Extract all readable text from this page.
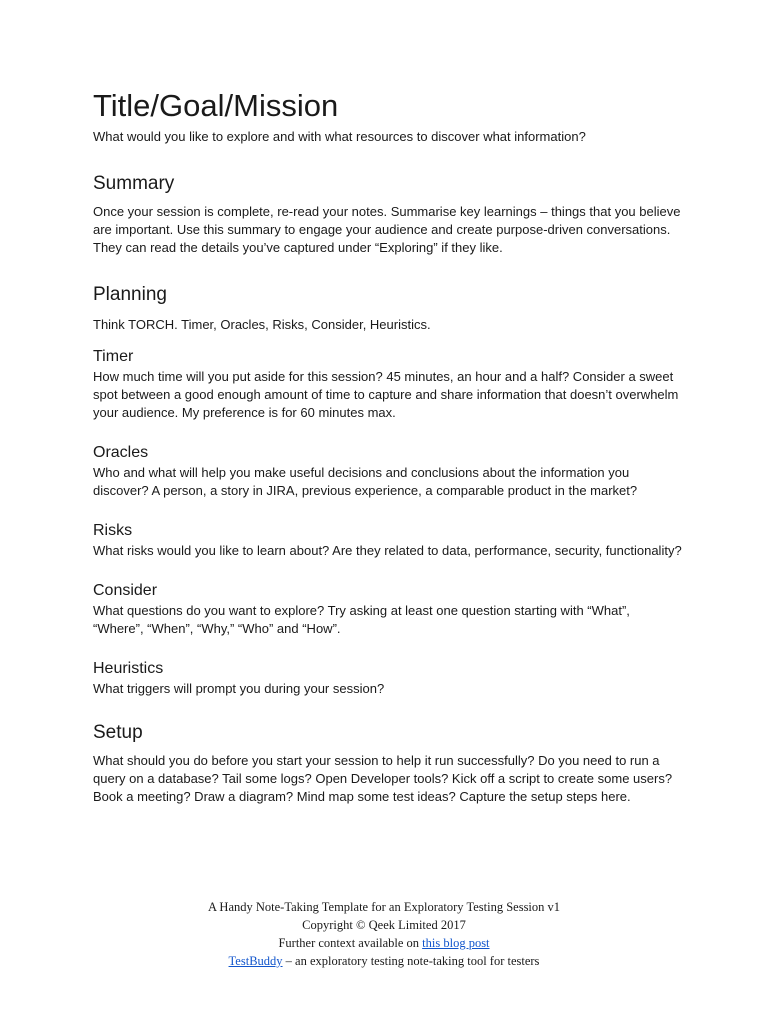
Title/Goal/Mission

What would you like to explore and with what resources to discover what information?

Summary

Once your session is complete, re-read your notes. Summarise key learnings – things that you believe are important. Use this summary to engage your audience and create purpose-driven conversations. They can read the details you’ve captured under “Exploring” if they like.

Planning

Think TORCH. Timer, Oracles, Risks, Consider, Heuristics.

Timer

How much time will you put aside for this session? 45 minutes, an hour and a half? Consider a sweet spot between a good enough amount of time to capture and share information that doesn’t overwhelm your audience. My preference is for 60 minutes max.

Oracles

Who and what will help you make useful decisions and conclusions about the information you discover? A person, a story in JIRA, previous experience, a comparable product in the market?

Risks

What risks would you like to learn about? Are they related to data, performance, security, functionality?

Consider

What questions do you want to explore? Try asking at least one question starting with “What”, “Where”, “When”, “Why,” “Who” and “How”.

Heuristics

What triggers will prompt you during your session?

Setup

What should you do before you start your session to help it run successfully? Do you need to run a query on a database? Tail some logs? Open Developer tools? Kick off a script to create some users? Book a meeting? Draw a diagram? Mind map some test ideas? Capture the setup steps here.

A Handy Note-Taking Template for an Exploratory Testing Session v1
Copyright © Qeek Limited 2017
Further context available on this blog post
TestBuddy – an exploratory testing note-taking tool for testers
